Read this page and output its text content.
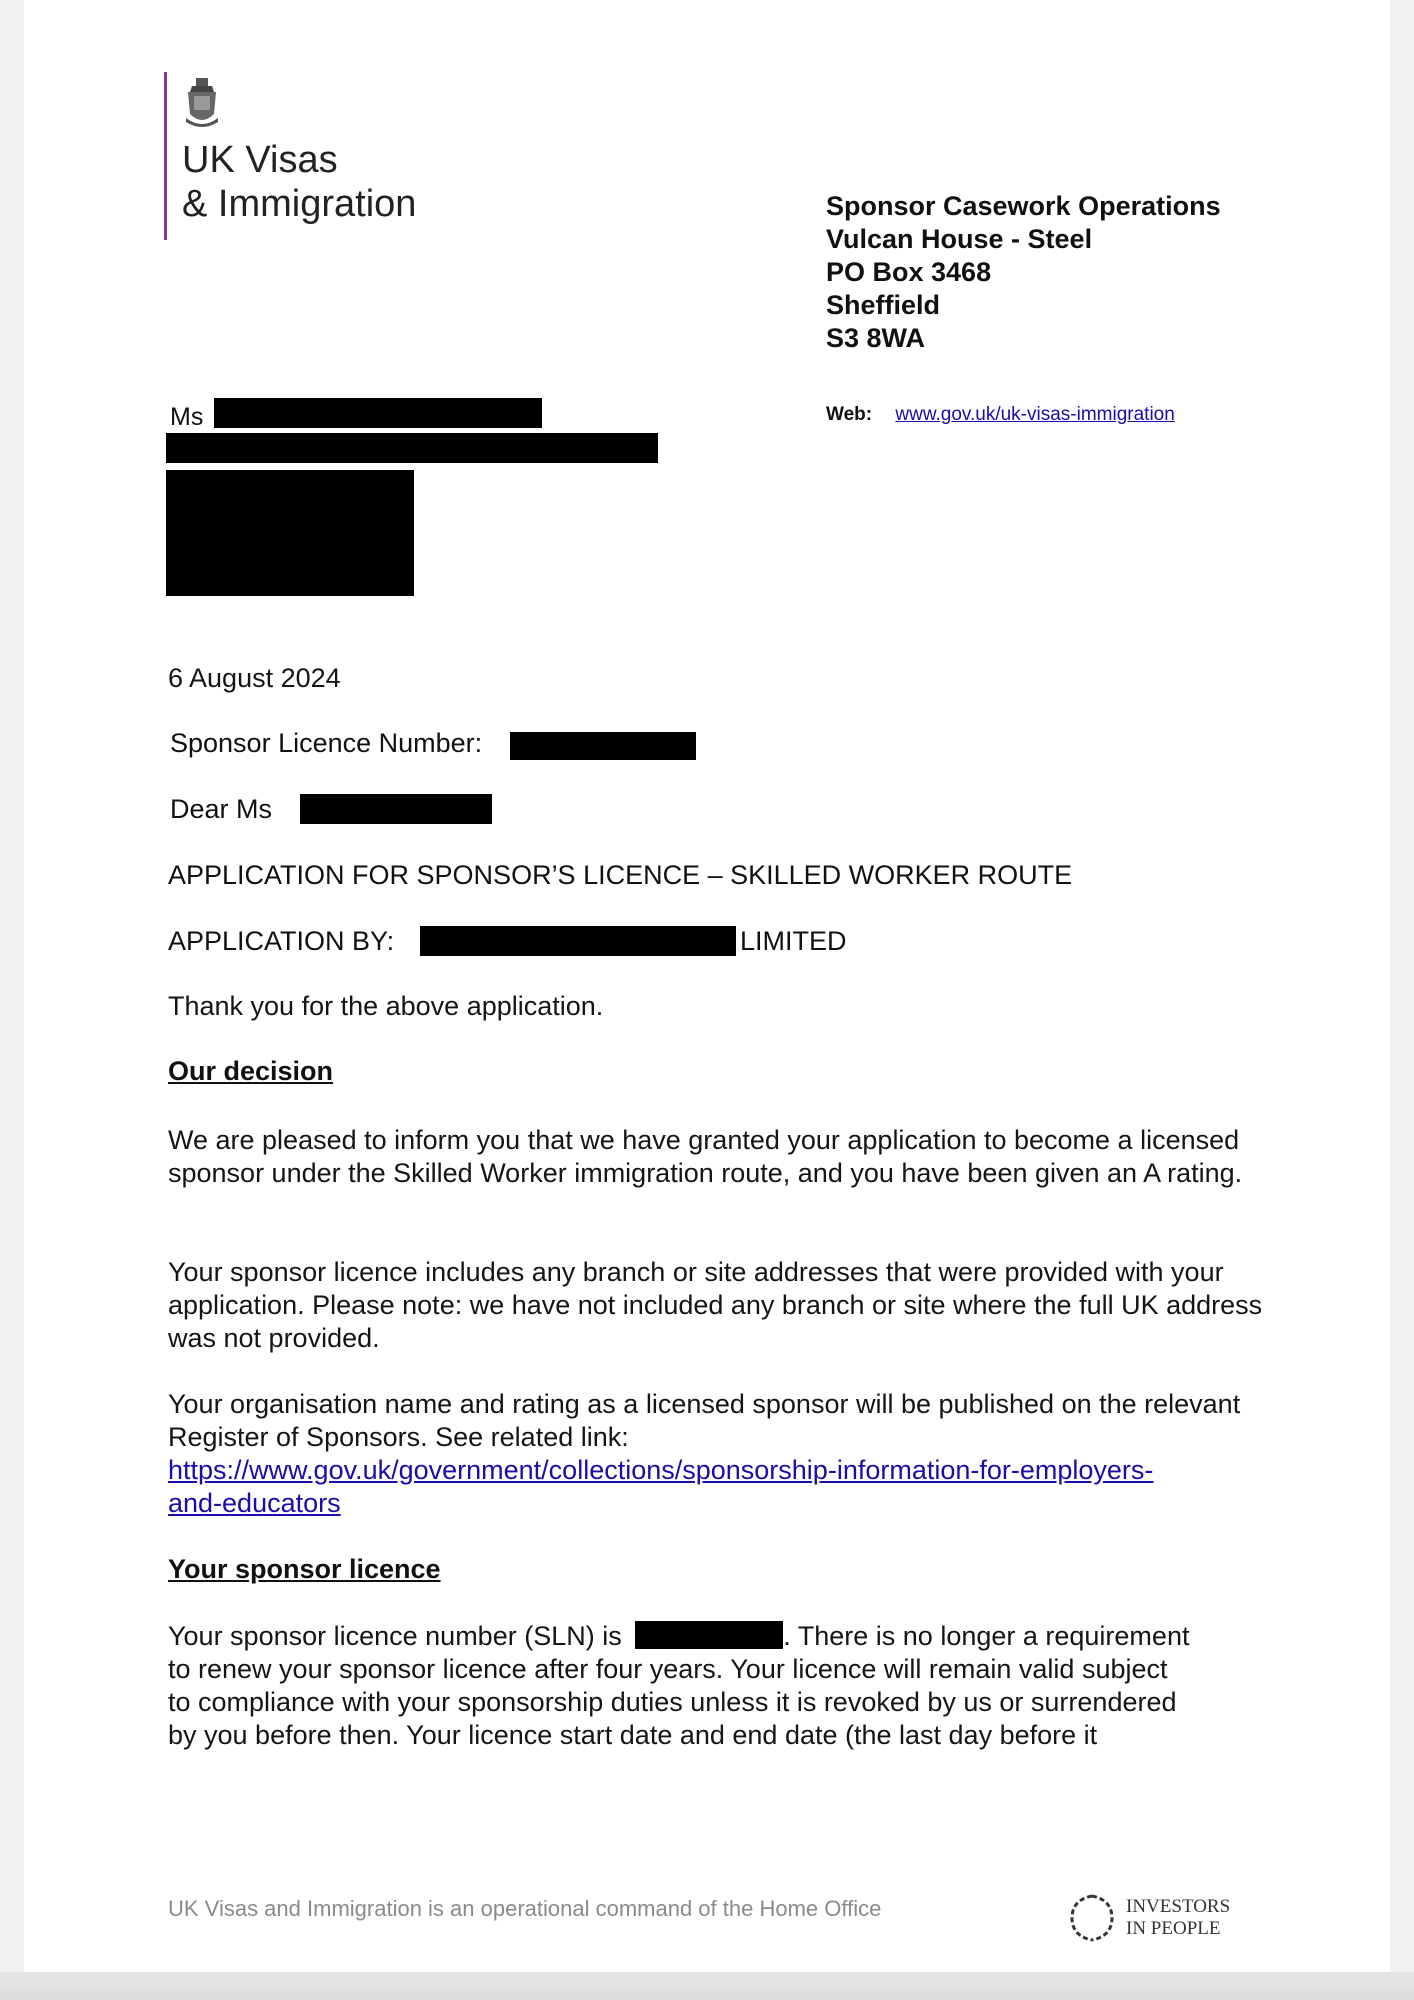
UK Visas
& Immigration	Sponsor Casework Operations
Vulcan House - Steel
PO Box 3468
Sheffield
S3 8WA
Web: www.gov.uk/uk-visas-immigration
Ms

6 August 2024

Sponsor Licence Number:
Dear Ms
APPLICATION FOR SPONSOR’S LICENCE – SKILLED WORKER ROUTE
APPLICATION BY:	LIMITED

Thank you for the above application.

Our decision

We are pleased to inform you that we have granted your application to become a licensed sponsor under the Skilled Worker immigration route, and you have been given an A rating.

Your sponsor licence includes any branch or site addresses that were provided with your application. Please note: we have not included any branch or site where the full UK address was not provided.

Your organisation name and rating as a licensed sponsor will be published on the relevant Register of Sponsors. See related link:

https://www.gov.uk/government/collections/sponsorship-information-for-employers-
and-educators
Your sponsor licence
Your sponsor licence number (SLN) is	. There is no longer a requirement
to renew your sponsor licence after four years. Your licence will remain valid subject
to compliance with your sponsorship duties unless it is revoked by us or surrendered
by you before then. Your licence start date and end date (the last day before it
UK Visas and Immigration is an operational command of the Home Office	INVESTORS
IN PEOPLE
